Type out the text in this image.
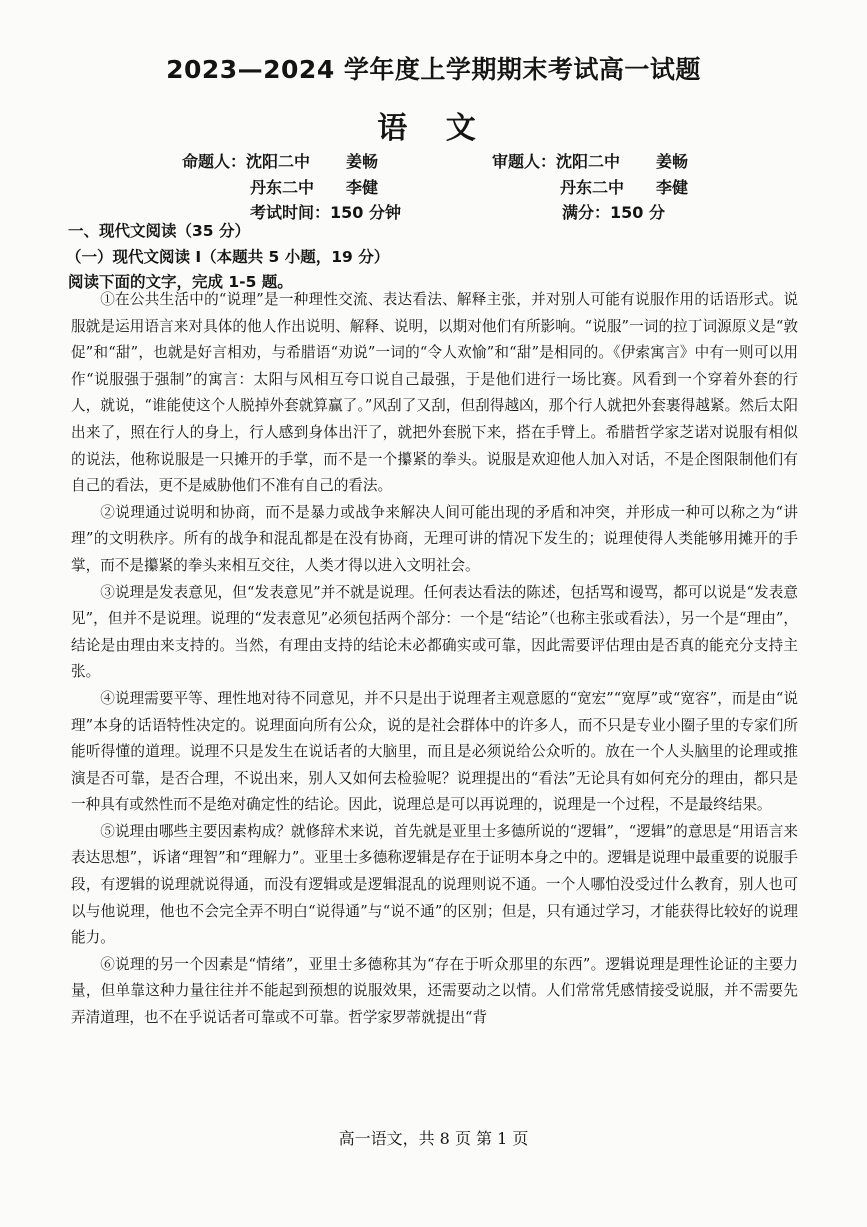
2023—2024 学年度上学期期末考试高一试题
语 文
命题人：沈阳二中 姜畅
丹东二中 李健
审题人：沈阳二中 姜畅
丹东二中 李健
考试时间：150 分钟	满分：150 分
一、现代文阅读（35 分）
（一）现代文阅读 I（本题共 5 小题，19 分）
阅读下面的文字，完成 1-5 题。

①在公共生活中的“说理”是一种理性交流、表达看法、解释主张，并对别人可能有说服作用的话语形式。说服就是运用语言来对具体的他人作出说明、解释、说明，以期对他们有所影响。“说服”一词的拉丁词源原义是“敦促”和“甜”，也就是好言相劝，与希腊语“劝说”一词的“令人欢愉”和“甜”是相同的。《伊索寓言》中有一则可以用作“说服强于强制”的寓言：太阳与风相互夸口说自己最强，于是他们进行一场比赛。风看到一个穿着外套的行人，就说，“谁能使这个人脱掉外套就算赢了。”风刮了又刮，但刮得越凶，那个行人就把外套裹得越紧。然后太阳出来了，照在行人的身上，行人感到身体出汗了，就把外套脱下来，搭在手臂上。希腊哲学家芝诺对说服有相似的说法，他称说服是一只摊开的手掌，而不是一个攥紧的拳头。说服是欢迎他人加入对话，不是企图限制他们有自己的看法，更不是威胁他们不准有自己的看法。

②说理通过说明和协商，而不是暴力或战争来解决人间可能出现的矛盾和冲突，并形成一种可以称之为“讲理”的文明秩序。所有的战争和混乱都是在没有协商，无理可讲的情况下发生的；说理使得人类能够用摊开的手掌，而不是攥紧的拳头来相互交往，人类才得以进入文明社会。

③说理是发表意见，但“发表意见”并不就是说理。任何表达看法的陈述，包括骂和谩骂，都可以说是“发表意见”，但并不是说理。说理的“发表意见”必须包括两个部分：一个是“结论”（也称主张或看法），另一个是“理由”，结论是由理由来支持的。当然，有理由支持的结论未必都确实或可靠，因此需要评估理由是否真的能充分支持主张。

④说理需要平等、理性地对待不同意见，并不只是出于说理者主观意愿的“宽宏”“宽厚”或“宽容”，而是由“说理”本身的话语特性决定的。说理面向所有公众，说的是社会群体中的许多人，而不只是专业小圈子里的专家们所能听得懂的道理。说理不只是发生在说话者的大脑里，而且是必须说给公众听的。放在一个人头脑里的论理或推演是否可靠，是否合理，不说出来，别人又如何去检验呢？说理提出的“看法”无论具有如何充分的理由，都只是一种具有或然性而不是绝对确定性的结论。因此，说理总是可以再说理的，说理是一个过程，不是最终结果。

⑤说理由哪些主要因素构成？就修辞术来说，首先就是亚里士多德所说的“逻辑”，“逻辑”的意思是“用语言来表达思想”，诉诸“理智”和“理解力”。亚里士多德称逻辑是存在于证明本身之中的。逻辑是说理中最重要的说服手段，有逻辑的说理就说得通，而没有逻辑或是逻辑混乱的说理则说不通。一个人哪怕没受过什么教育，别人也可以与他说理，他也不会完全弄不明白“说得通”与“说不通”的区别；但是，只有通过学习，才能获得比较好的说理能力。

⑥说理的另一个因素是“情绪”，亚里士多德称其为“存在于听众那里的东西”。逻辑说理是理性论证的主要力量，但单靠这种力量往往并不能起到预想的说服效果，还需要动之以情。人们常常凭感情接受说服，并不需要先弄清道理，也不在乎说话者可靠或不可靠。哲学家罗蒂就提出“背

高一语文，共 8 页 第 1 页
